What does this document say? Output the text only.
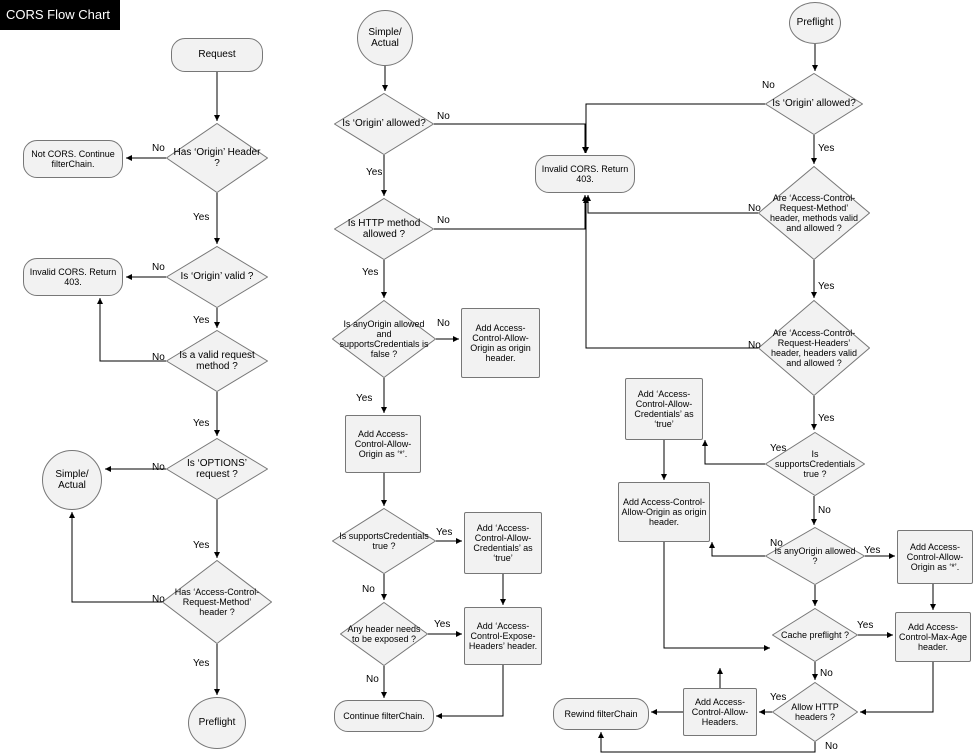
CORS Flow Chart
Request
Has ‘Origin’ Header ?
Not CORS. Continue filterChain.
Is ‘Origin’ valid ?
Invalid CORS. Return 403.
Is a valid request method ?
Is ‘OPTIONS’ request ?
Simple/ Actual
Has ‘Access-Control-Request-Method’ header ?
Preflight
Simple/ Actual
Is ‘Origin’ allowed?
Invalid CORS. Return 403.
Is HTTP method allowed ?
Is anyOrigin allowed and supportsCredentials is false ?
Add Access-Control-Allow-Origin as origin header.
Add Access-Control-Allow-Origin as ‘*’.
Is supportsCredentials true ?
Add ‘Access-Control-Allow-Credentials’ as ‘true’
Any header needs to be exposed ?
Add ‘Access-Control-Expose-Headers’ header.
Continue filterChain.
Preflight
Is ‘Origin’ allowed?
Are ‘Access-Control-Request-Method’ header, methods valid and allowed ?
Are ‘Access-Control-Request-Headers’ header, headers valid and allowed ?
Is supportsCredentials true ?
Add ‘Access-Control-Allow-Credentials’ as ‘true’
Add Access-Control-Allow-Origin as origin header.
Is anyOrigin allowed ?
Add Access-Control-Allow-Origin as ‘*’.
Cache preflight ?
Add Access-Control-Max-Age header.
Allow HTTP headers ?
Add Access-Control-Allow-Headers.
Rewind filterChain
No
Yes
No
Yes
No
Yes
No
Yes
No
Yes
No
Yes
No
Yes
No
Yes
Yes
No
Yes
No
No
Yes
No
Yes
No
Yes
Yes
No
No
Yes
Yes
No
Yes
No
